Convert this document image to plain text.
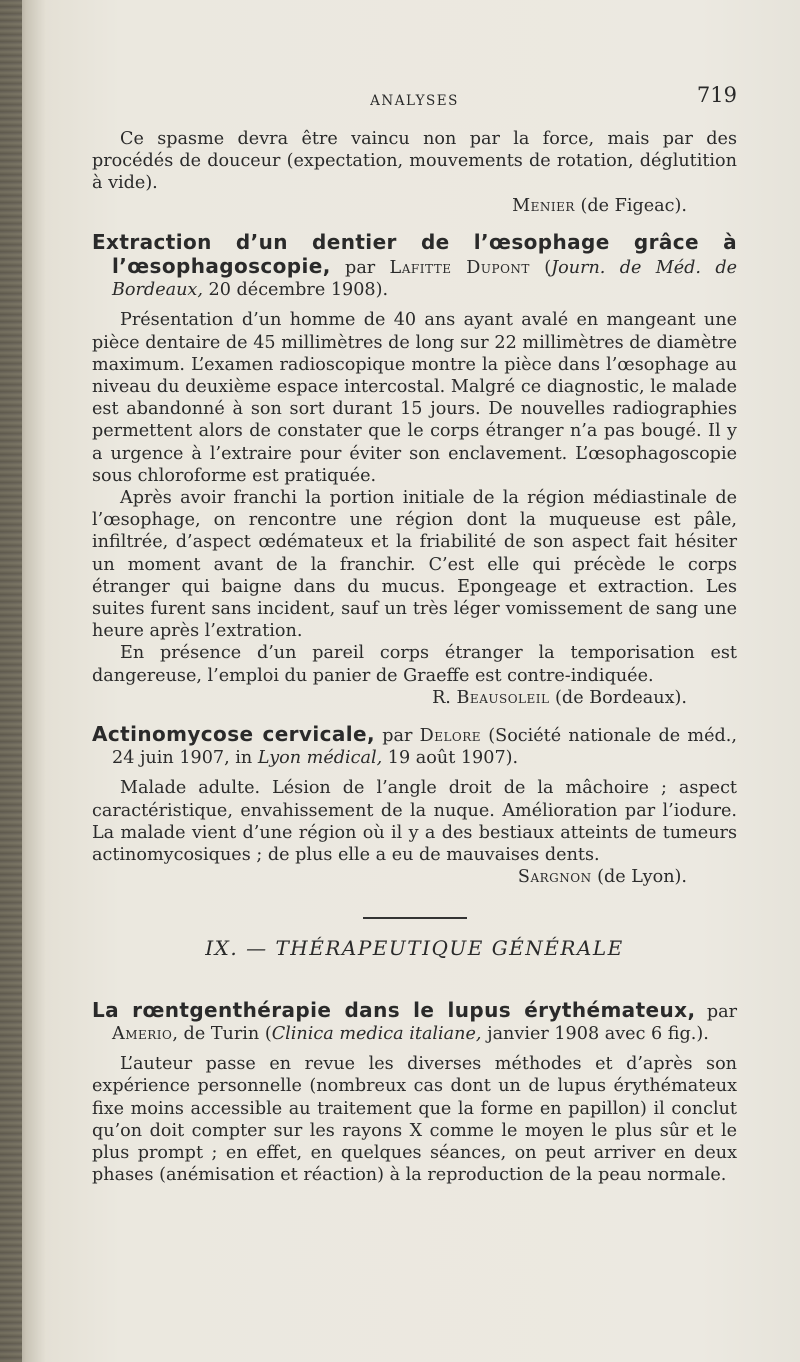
ANALYSES	719

Ce spasme devra être vaincu non par la force, mais par des procédés de douceur (expectation, mouvements de rotation, déglutition à vide).

Menier (de Figeac).

Extraction d’un dentier de l’œsophage grâce à l’œsophagoscopie, par Lafitte Dupont (Journ. de Méd. de Bordeaux, 20 décembre 1908).

Présentation d’un homme de 40 ans ayant avalé en mangeant une pièce dentaire de 45 millimètres de long sur 22 millimètres de diamètre maximum. L’examen radioscopique montre la pièce dans l’œsophage au niveau du deuxième espace intercostal. Malgré ce diagnostic, le malade est abandonné à son sort durant 15 jours. De nouvelles radiographies permettent alors de constater que le corps étranger n’a pas bougé. Il y a urgence à l’extraire pour éviter son enclavement. L’œsophagoscopie sous chloroforme est pratiquée.

Après avoir franchi la portion initiale de la région médiastinale de l’œsophage, on rencontre une région dont la muqueuse est pâle, infiltrée, d’aspect œdémateux et la friabilité de son aspect fait hésiter un moment avant de la franchir. C’est elle qui précède le corps étranger qui baigne dans du mucus. Epongeage et extraction. Les suites furent sans incident, sauf un très léger vomissement de sang une heure après l’extration.

En présence d’un pareil corps étranger la temporisation est dangereuse, l’emploi du panier de Graeffe est contre-indiquée.

R. Beausoleil (de Bordeaux).

Actinomycose cervicale, par Delore (Société nationale de méd., 24 juin 1907, in Lyon médical, 19 août 1907).

Malade adulte. Lésion de l’angle droit de la mâchoire ; aspect caractéristique, envahissement de la nuque. Amélioration par l’iodure. La malade vient d’une région où il y a des bestiaux atteints de tumeurs actinomycosiques ; de plus elle a eu de mauvaises dents.

Sargnon (de Lyon).

IX. — THÉRAPEUTIQUE GÉNÉRALE

La rœntgenthérapie dans le lupus érythémateux, par Amerio, de Turin (Clinica medica italiane, janvier 1908 avec 6 fig.).

L’auteur passe en revue les diverses méthodes et d’après son expérience personnelle (nombreux cas dont un de lupus érythémateux fixe moins accessible au traitement que la forme en papillon) il conclut qu’on doit compter sur les rayons X comme le moyen le plus sûr et le plus prompt ; en effet, en quelques séances, on peut arriver en deux phases (anémisation et réaction) à la reproduction de la peau normale.
